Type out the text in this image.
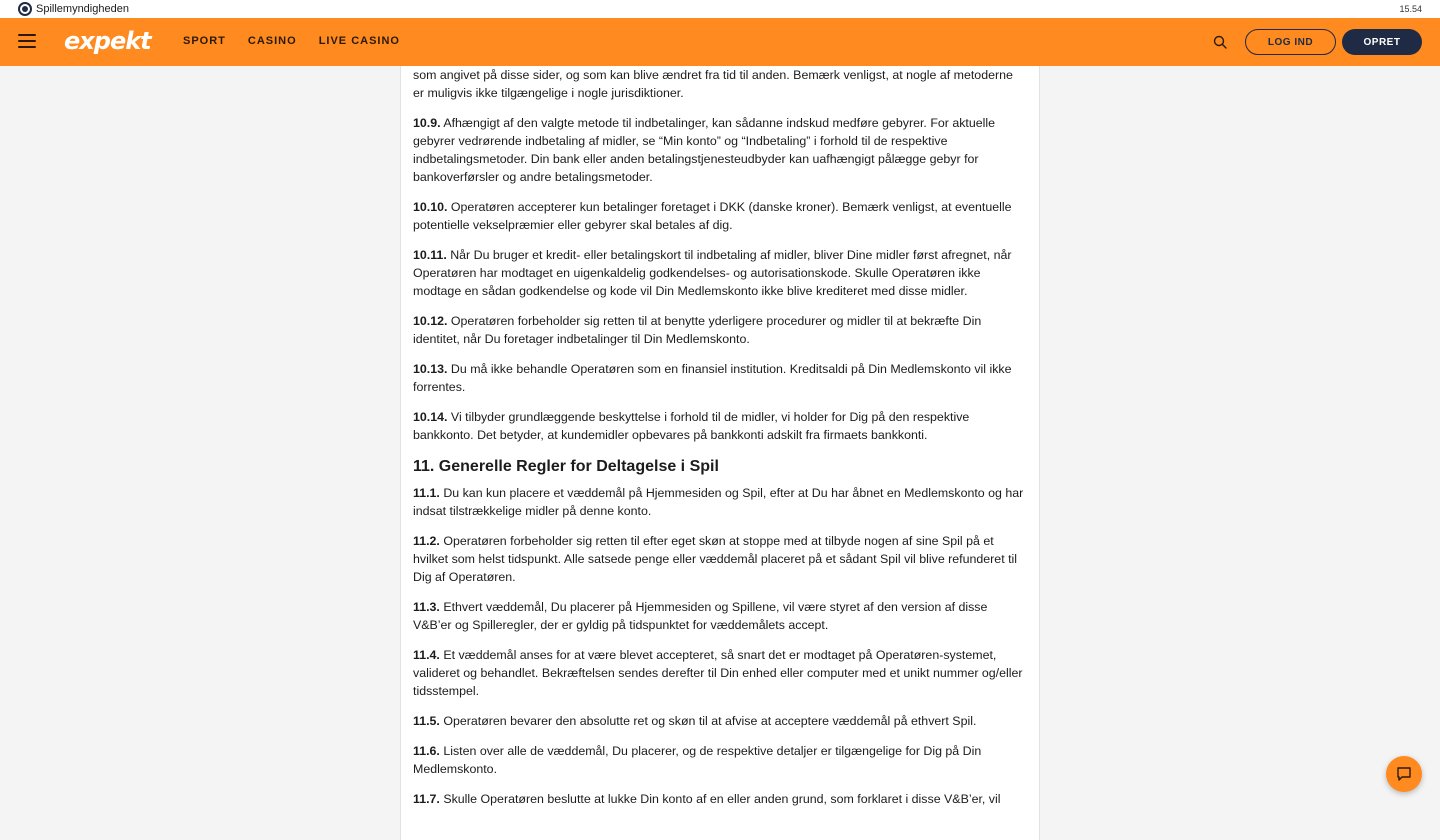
Spillemyndigheden	15.54
expekt	SPORT CASINO LIVE CASINO	LOG IND	OPRET

som angivet på disse sider, og som kan blive ændret fra tid til anden. Bemærk venligst, at nogle af metoderne er muligvis ikke tilgængelige i nogle jurisdiktioner.

10.9. Afhængigt af den valgte metode til indbetalinger, kan sådanne indskud medføre gebyrer. For aktuelle gebyrer vedrørende indbetaling af midler, se “Min konto” og “Indbetaling” i forhold til de respektive indbetalingsmetoder. Din bank eller anden betalingstjenesteudbyder kan uafhængigt pålægge gebyr for bankoverførsler og andre betalingsmetoder.

10.10. Operatøren accepterer kun betalinger foretaget i DKK (danske kroner). Bemærk venligst, at eventuelle potentielle vekselpræmier eller gebyrer skal betales af dig.

10.11. Når Du bruger et kredit- eller betalingskort til indbetaling af midler, bliver Dine midler først afregnet, når Operatøren har modtaget en uigenkaldelig godkendelses- og autorisationskode. Skulle Operatøren ikke modtage en sådan godkendelse og kode vil Din Medlemskonto ikke blive krediteret med disse midler.

10.12. Operatøren forbeholder sig retten til at benytte yderligere procedurer og midler til at bekræfte Din identitet, når Du foretager indbetalinger til Din Medlemskonto.

10.13. Du må ikke behandle Operatøren som en finansiel institution. Kreditsaldi på Din Medlemskonto vil ikke forrentes.

10.14. Vi tilbyder grundlæggende beskyttelse i forhold til de midler, vi holder for Dig på den respektive bankkonto. Det betyder, at kundemidler opbevares på bankkonti adskilt fra firmaets bankkonti.

11. Generelle Regler for Deltagelse i Spil

11.1. Du kan kun placere et væddemål på Hjemmesiden og Spil, efter at Du har åbnet en Medlemskonto og har indsat tilstrækkelige midler på denne konto.

11.2. Operatøren forbeholder sig retten til efter eget skøn at stoppe med at tilbyde nogen af sine Spil på et hvilket som helst tidspunkt. Alle satsede penge eller væddemål placeret på et sådant Spil vil blive refunderet til Dig af Operatøren.

11.3. Ethvert væddemål, Du placerer på Hjemmesiden og Spillene, vil være styret af den version af disse V&B’er og Spilleregler, der er gyldig på tidspunktet for væddemålets accept.

11.4. Et væddemål anses for at være blevet accepteret, så snart det er modtaget på Operatøren-systemet, valideret og behandlet. Bekræftelsen sendes derefter til Din enhed eller computer med et unikt nummer og/eller tidsstempel.

11.5. Operatøren bevarer den absolutte ret og skøn til at afvise at acceptere væddemål på ethvert Spil.

11.6. Listen over alle de væddemål, Du placerer, og de respektive detaljer er tilgængelige for Dig på Din Medlemskonto.

11.7. Skulle Operatøren beslutte at lukke Din konto af en eller anden grund, som forklaret i disse V&B’er, vil
